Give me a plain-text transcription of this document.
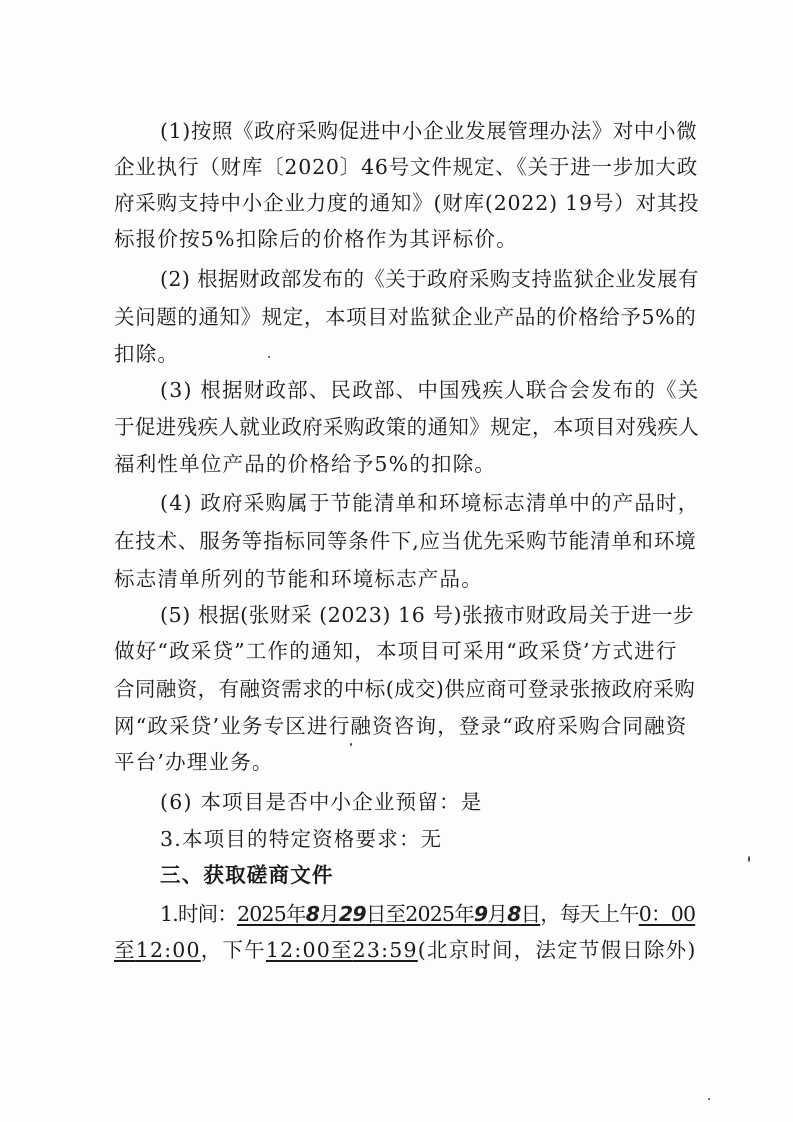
(1)按照《政府采购促进中小企业发展管理办法》对中小微
企业执行（财库〔2020〕46号文件规定、《关于进一步加大政
府采购支持中小企业力度的通知》(财库(2022) 19号）对其投
标报价按5%扣除后的价格作为其评标价。
(2) 根据财政部发布的《关于政府采购支持监狱企业发展有
关问题的通知》规定，本项目对监狱企业产品的价格给予5%的
扣除。
(3) 根据财政部、民政部、中国残疾人联合会发布的《关
于促进残疾人就业政府采购政策的通知》规定，本项目对残疾人
福利性单位产品的价格给予5%的扣除。
(4) 政府采购属于节能清单和环境标志清单中的产品时，
在技术、服务等指标同等条件下,应当优先采购节能清单和环境
标志清单所列的节能和环境标志产品。
(5) 根据(张财采 (2023) 16 号)张掖市财政局关于进一步
做好“政采贷”工作的通知，本项目可采用“政采贷’方式进行
合同融资，有融资需求的中标(成交)供应商可登录张掖政府采购
网“政采贷’业务专区进行融资咨询，登录“政府采购合同融资
平台’办理业务。
(6) 本项目是否中小企业预留：是
3.本项目的特定资格要求：无
三、获取磋商文件
1.时间：2025年8月29日至2025年9月8日，每天上午0：00
至12:00，下午12:00至23:59(北京时间，法定节假日除外)
